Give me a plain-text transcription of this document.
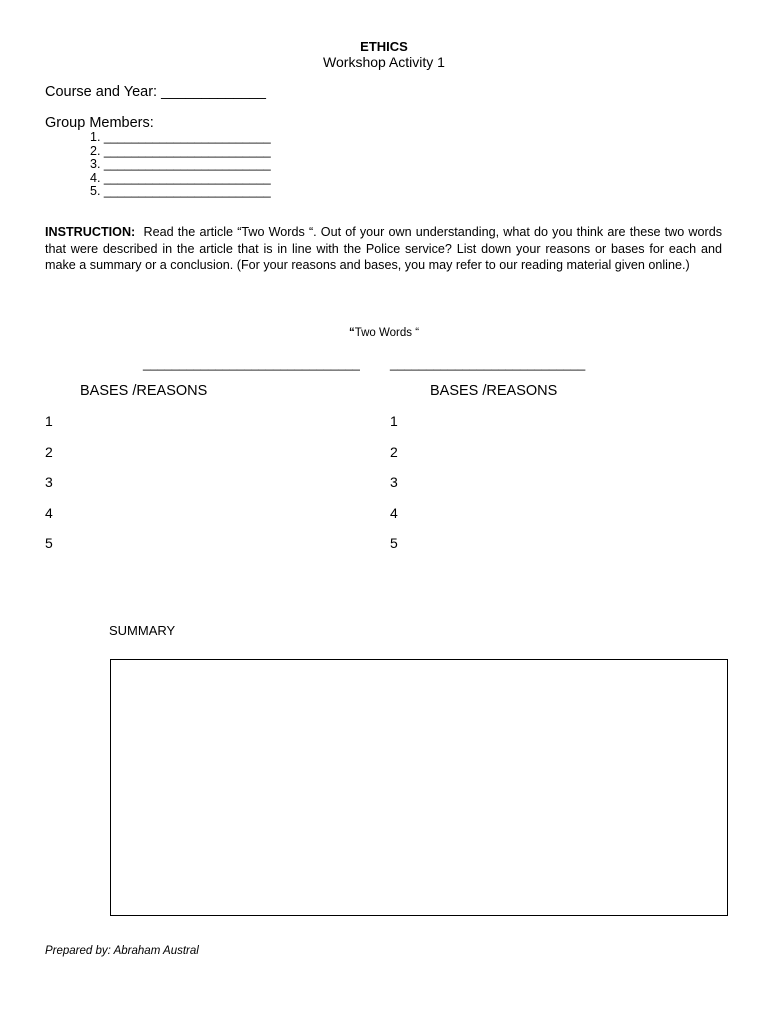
ETHICS
Workshop Activity 1
Course and Year: _____________
Group Members:
1. ________________________
2. ________________________
3. ________________________
4. ________________________
5. ________________________
INSTRUCTION: Read the article “Two Words “. Out of your own understanding, what do you think are these two words that were described in the article that is in line with the Police service? List down your reasons or bases for each and make a summary or a conclusion. (For your reasons and bases, you may refer to our reading material given online.)
“Two Words “
______________________________ ___________________________
BASES /REASONS	BASES /REASONS
1
2
3
4
5
1
2
3
4
5
SUMMARY
Prepared by: Abraham Austral
